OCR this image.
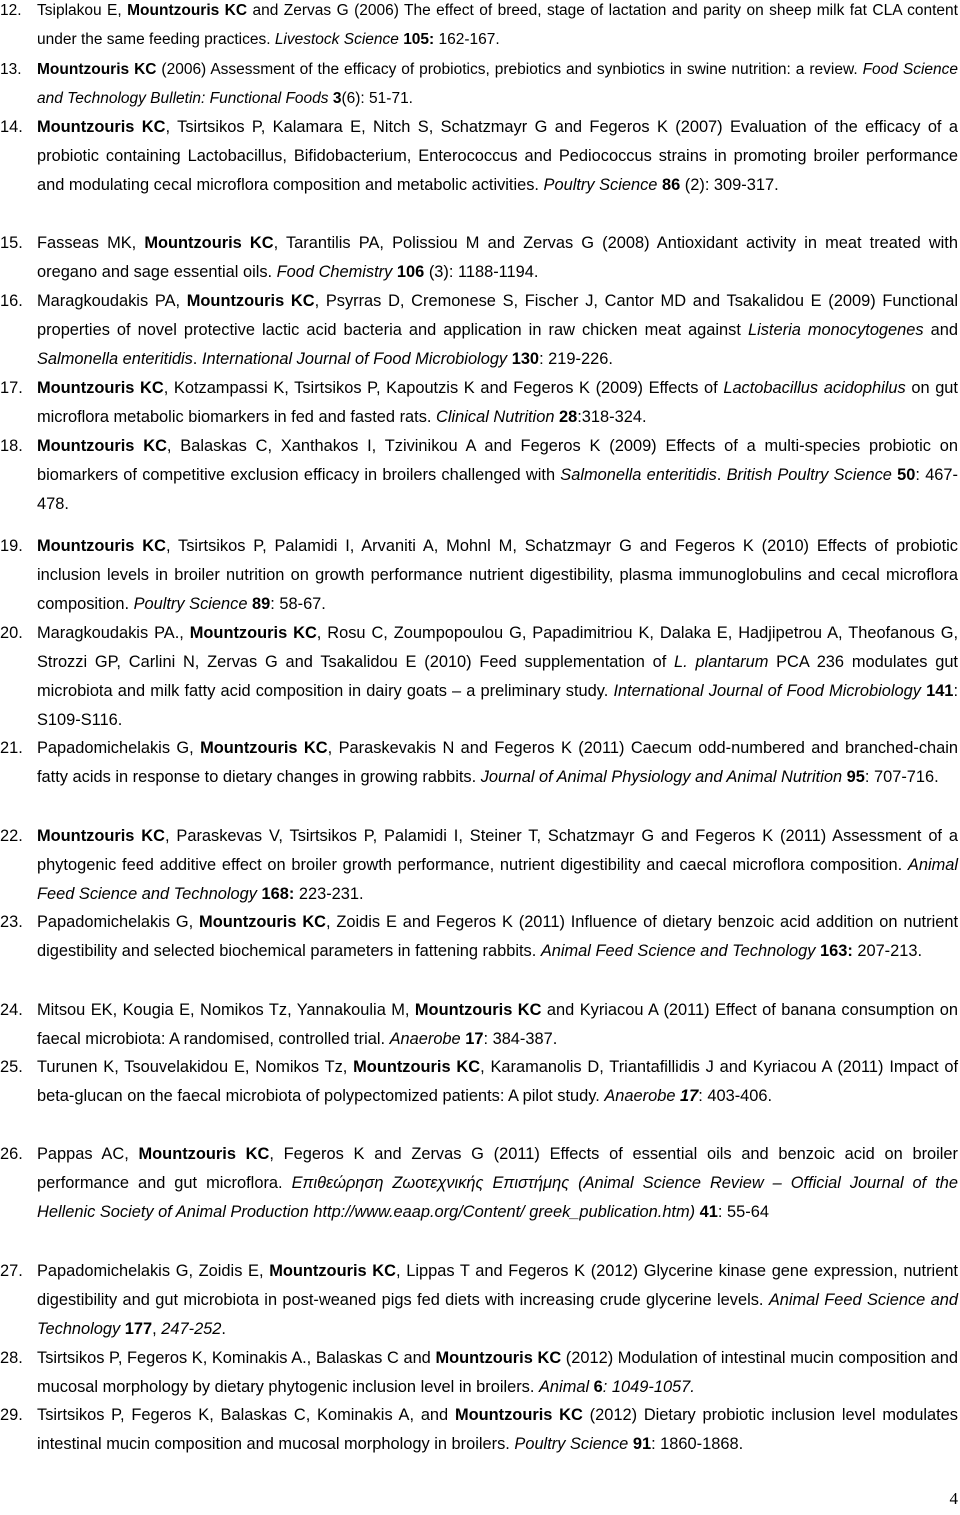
12. Tsiplakou E, Mountzouris KC and Zervas G (2006) The effect of breed, stage of lactation and parity on sheep milk fat CLA content under the same feeding practices. Livestock Science 105: 162-167.
13. Mountzouris KC (2006) Assessment of the efficacy of probiotics, prebiotics and synbiotics in swine nutrition: a review. Food Science and Technology Bulletin: Functional Foods 3(6): 51-71.
14. Mountzouris KC, Tsirtsikos P, Kalamara E, Nitch S, Schatzmayr G and Fegeros K (2007) Evaluation of the efficacy of a probiotic containing Lactobacillus, Bifidobacterium, Enterococcus and Pediococcus strains in promoting broiler performance and modulating cecal microflora composition and metabolic activities. Poultry Science 86 (2): 309-317.
15. Fasseas MK, Mountzouris KC, Tarantilis PA, Polissiou M and Zervas G (2008) Antioxidant activity in meat treated with oregano and sage essential oils. Food Chemistry 106 (3): 1188-1194.
16. Maragkoudakis PA, Mountzouris KC, Psyrras D, Cremonese S, Fischer J, Cantor MD and Tsakalidou E (2009) Functional properties of novel protective lactic acid bacteria and application in raw chicken meat against Listeria monocytogenes and Salmonella enteritidis. International Journal of Food Microbiology 130: 219-226.
17. Mountzouris KC, Kotzampassi K, Tsirtsikos P, Kapoutzis K and Fegeros K (2009) Effects of Lactobacillus acidophilus on gut microflora metabolic biomarkers in fed and fasted rats. Clinical Nutrition 28:318-324.
18. Mountzouris KC, Balaskas C, Xanthakos I, Tzivinikou A and Fegeros K (2009) Effects of a multi-species probiotic on biomarkers of competitive exclusion efficacy in broilers challenged with Salmonella enteritidis. British Poultry Science 50: 467-478.
19. Mountzouris KC, Tsirtsikos P, Palamidi I, Arvaniti A, Mohnl M, Schatzmayr G and Fegeros K (2010) Effects of probiotic inclusion levels in broiler nutrition on growth performance nutrient digestibility, plasma immunoglobulins and cecal microflora composition. Poultry Science 89: 58-67.
20. Maragkoudakis PA., Mountzouris KC, Rosu C, Zoumpopoulou G, Papadimitriou K, Dalaka E, Hadjipetrou A, Theofanous G, Strozzi GP, Carlini N, Zervas G and Tsakalidou E (2010) Feed supplementation of L. plantarum PCA 236 modulates gut microbiota and milk fatty acid composition in dairy goats – a preliminary study. International Journal of Food Microbiology 141: S109-S116.
21. Papadomichelakis G, Mountzouris KC, Paraskevakis N and Fegeros K (2011) Caecum odd-numbered and branched-chain fatty acids in response to dietary changes in growing rabbits. Journal of Animal Physiology and Animal Nutrition 95: 707-716.
22. Mountzouris KC, Paraskevas V, Tsirtsikos P, Palamidi I, Steiner T, Schatzmayr G and Fegeros K (2011) Assessment of a phytogenic feed additive effect on broiler growth performance, nutrient digestibility and caecal microflora composition. Animal Feed Science and Technology 168: 223-231.
23. Papadomichelakis G, Mountzouris KC, Zoidis E and Fegeros K (2011) Influence of dietary benzoic acid addition on nutrient digestibility and selected biochemical parameters in fattening rabbits. Animal Feed Science and Technology 163: 207-213.
24. Mitsou EK, Kougia E, Nomikos Tz, Yannakoulia M, Mountzouris KC and Kyriacou A (2011) Effect of banana consumption on faecal microbiota: A randomised, controlled trial. Anaerobe 17: 384-387.
25. Turunen K, Tsouvelakidou E, Nomikos Tz, Mountzouris KC, Karamanolis D, Triantafillidis J and Kyriacou A (2011) Impact of beta-glucan on the faecal microbiota of polypectomized patients: A pilot study. Anaerobe 17: 403-406.
26. Pappas AC, Mountzouris KC, Fegeros K and Zervas G (2011) Effects of essential oils and benzoic acid on broiler performance and gut microflora. Επιθεώρηση Ζωοτεχνικής Επιστήμης (Animal Science Review – Official Journal of the Hellenic Society of Animal Production http://www.eaap.org/Content/ greek_publication.htm) 41: 55-64
27. Papadomichelakis G, Zoidis E, Mountzouris KC, Lippas T and Fegeros K (2012) Glycerine kinase gene expression, nutrient digestibility and gut microbiota in post-weaned pigs fed diets with increasing crude glycerine levels. Animal Feed Science and Technology 177, 247-252.
28. Tsirtsikos P, Fegeros K, Kominakis A., Balaskas C and Mountzouris KC (2012) Modulation of intestinal mucin composition and mucosal morphology by dietary phytogenic inclusion level in broilers. Animal 6: 1049-1057.
29. Tsirtsikos P, Fegeros K, Balaskas C, Kominakis A, and Mountzouris KC (2012) Dietary probiotic inclusion level modulates intestinal mucin composition and mucosal morphology in broilers. Poultry Science 91: 1860-1868.
4
